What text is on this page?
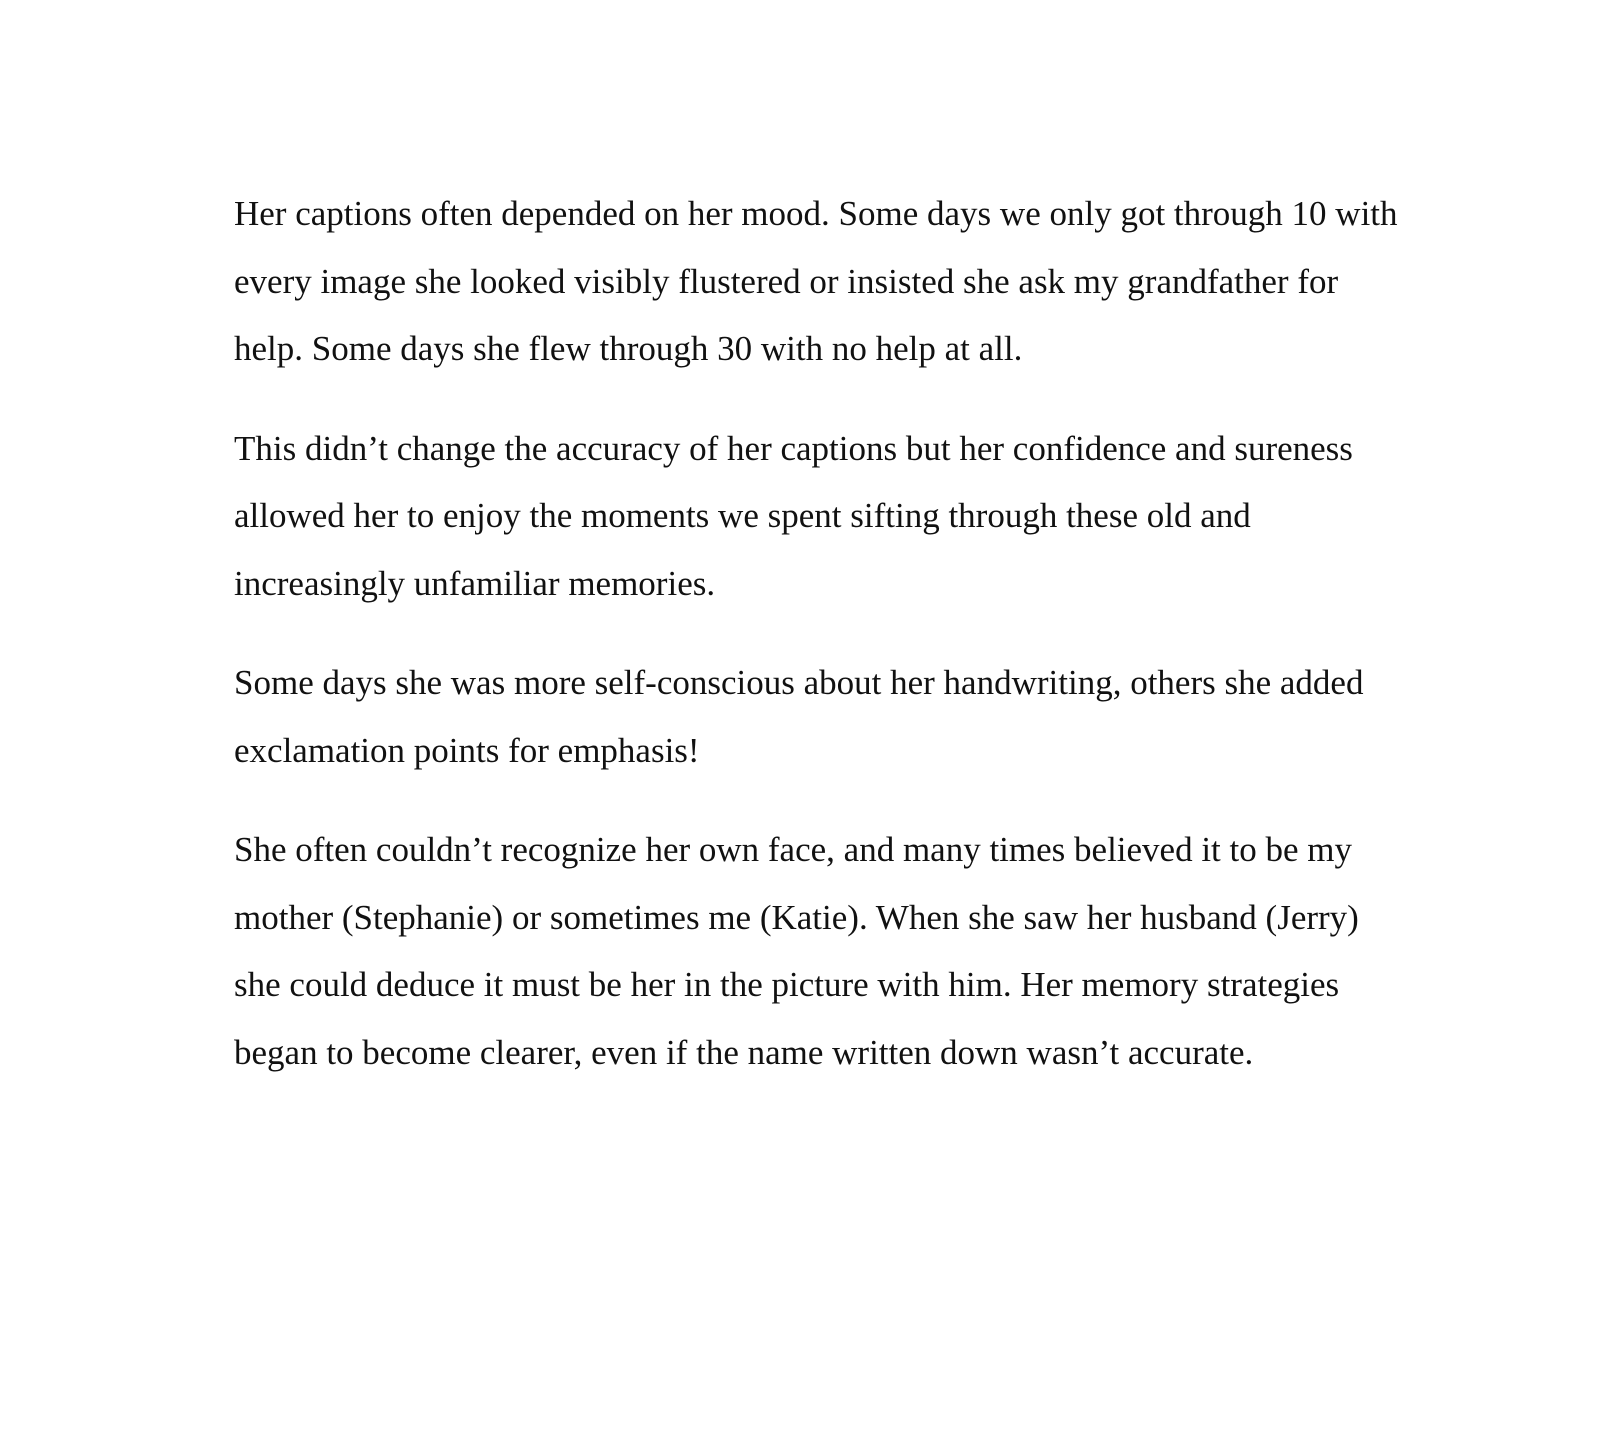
Her captions often depended on her mood. Some days we only got through 10 with every image she looked visibly flustered or insisted she ask my grandfather for help. Some days she flew through 30 with no help at all.

This didn’t change the accuracy of her captions but her confidence and sureness allowed her to enjoy the moments we spent sifting through these old and increasingly unfamiliar memories.

Some days she was more self-conscious about her handwriting, others she added exclamation points for emphasis!

She often couldn’t recognize her own face, and many times believed it to be my mother (Stephanie) or sometimes me (Katie). When she saw her husband (Jerry) she could deduce it must be her in the picture with him. Her memory strategies began to become clearer, even if the name written down wasn’t accurate.
